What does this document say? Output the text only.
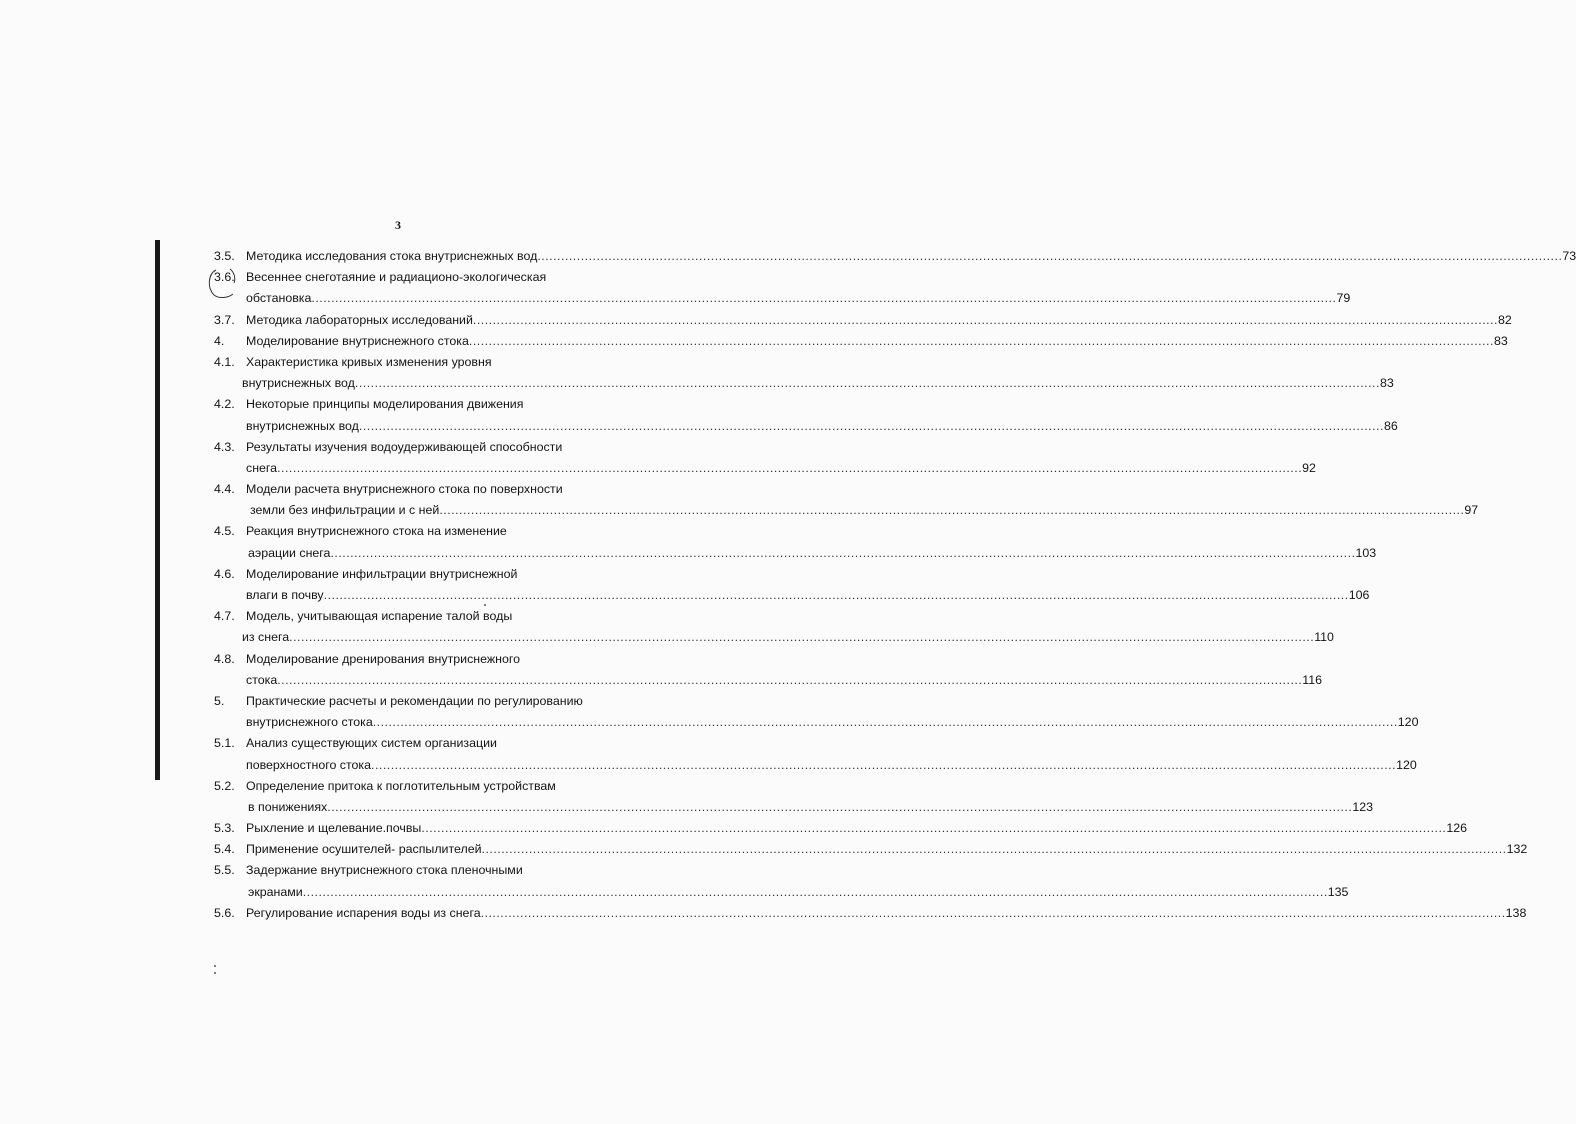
3
3.5. Методика исследования стока внутриснежных вод .................................................................................................................................................................................................................................................................... 73
3.6. Весеннее снеготаяние и радиационо-экологическая
обстановка .................................................................................................................................................................................................................................................................... 79
3.7. Методика лабораторных исследований .................................................................................................................................................................................................................................................................... 82
4. Моделирование внутриснежного стока .................................................................................................................................................................................................................................................................... 83
4.1. Характеристика кривых изменения уровня
внутриснежных вод .................................................................................................................................................................................................................................................................... 83
4.2. Некоторые принципы моделирования движения
внутриснежных вод .................................................................................................................................................................................................................................................................... 86
4.3. Результаты изучения водоудерживающей способности
снега .................................................................................................................................................................................................................................................................... 92
4.4. Модели расчета внутриснежного стока по поверхности
земли без инфильтрации и с ней .................................................................................................................................................................................................................................................................... 97
4.5. Реакция внутриснежного стока на изменение
аэрации снега .................................................................................................................................................................................................................................................................... 103
4.6. Моделирование инфильтрации внутриснежной
влаги в почву .................................................................................................................................................................................................................................................................... 106
4.7. Модель, учитывающая испарение талой воды
из снега .................................................................................................................................................................................................................................................................... 110
4.8. Моделирование дренирования внутриснежного
стока .................................................................................................................................................................................................................................................................... 116
5. Практические расчеты и рекомендации по регулированию
внутриснежного стока .................................................................................................................................................................................................................................................................... 120
5.1. Анализ существующих систем организации
поверхностного стока .................................................................................................................................................................................................................................................................... 120
5.2. Определение притока к поглотительным устройствам
в понижениях .................................................................................................................................................................................................................................................................... 123
5.3. Рыхление и щелевание.почвы .................................................................................................................................................................................................................................................................... 126
5.4. Применение осушителей- распылителей .................................................................................................................................................................................................................................................................... 132
5.5. Задержание внутриснежного стока пленочными
экранами .................................................................................................................................................................................................................................................................... 135
5.6. Регулирование испарения воды из снега .................................................................................................................................................................................................................................................................... 138
